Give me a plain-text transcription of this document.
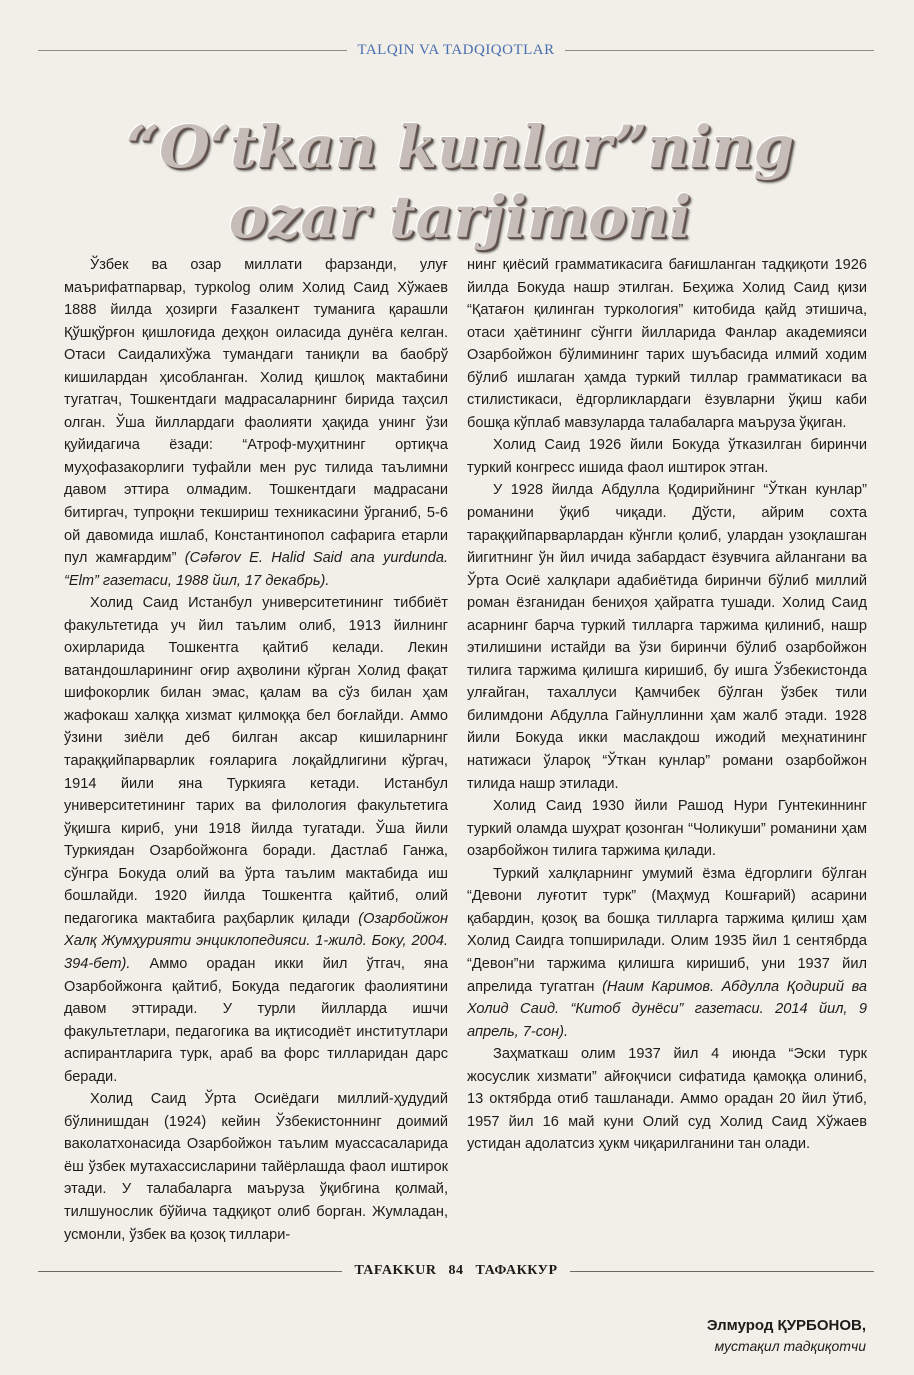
TALQIN VA TADQIQOTLAR
“O‘tkan kunlar”ning
ozar tarjimoni

Ўзбек ва озар миллати фарзанди, улуғ маърифатпарвар, туркolog олим Холид Саид Хўжаев 1888 йилда ҳозирги Ғазалкент туманига қарашли Қўшқўрғон қишлоғида деҳқон оиласида дунёга келган. Отаси Саидалихўжа тумандаги таниқли ва баобрў кишилардан ҳисобланган. Холид қишлоқ мактабини тугатгач, Тошкентдаги мадрасаларнинг бирида таҳсил олган. Ўша йиллардаги фаолияти ҳақида унинг ўзи қуйидагича ёзади: “Атроф-муҳитнинг ортиқча муҳофазакорлиги туфайли мен рус тилида таълимни давом эттира олмадим. Тошкентдаги мадрасани битиргач, тупроқни текшириш техникасини ўрганиб, 5-6 ой давомида ишлаб, Константинопол сафарига етарли пул жамғардим” (Cəfərov E. Halid Said ana yurdunda. “Elm” газетаси, 1988 йил, 17 декабрь).

Холид Саид Истанбул университетининг тиббиёт факультетида уч йил таълим олиб, 1913 йилнинг охирларида Тошкентга қайтиб келади. Лекин ватандошларининг оғир аҳволини кўрган Холид фақат шифокорлик билан эмас, қалам ва сўз билан ҳам жафокаш халққа хизмат қилмоққа бел боғлайди. Аммо ўзини зиёли деб билган аксар кишиларнинг тараққийпарварлик ғояларига лоқайдлигини кўргач, 1914 йили яна Туркияга кетади. Истанбул университетининг тарих ва филология факультетига ўқишга кириб, уни 1918 йилда тугатади. Ўша йили Туркиядан Озарбойжонга боради. Дастлаб Ганжа, сўнгра Бокуда олий ва ўрта таълим мактабида иш бошлайди. 1920 йилда Тошкентга қайтиб, олий педагогика мактабига раҳбарлик қилади (Озарбойжон Халқ Жумҳурияти энциклопедияси. 1-жилд. Боку, 2004. 394-бет). Аммо орадан икки йил ўтгач, яна Озарбойжонга қайтиб, Бокуда педагогик фаолиятини давом эттиради. У турли йилларда ишчи факультетлари, педагогика ва иқтисодиёт институтлари аспирантларига турк, араб ва форс тилларидан дарс беради.

Холид Саид Ўрта Осиёдаги миллий-ҳудудий бўлинишдан (1924) кейин Ўзбекистоннинг доимий ваколатхонасида Озарбойжон таълим муассасаларида ёш ўзбек мутахассисларини тайёрлашда фаол иштирок этади. У талабаларга маъруза ўқибгина қолмай, тилшунослик бўйича тадқиқот олиб борган. Жумладан, усмонли, ўзбек ва қозоқ тиллари-

нинг қиёсий грамматикасига бағишланган тадқиқоти 1926 йилда Бокуда нашр этилган. Беҳижа Холид Саид қизи “Қатағон қилинган туркология” китобида қайд этишича, отаси ҳаётининг сўнгги йилларида Фанлар академияси Озарбойжон бўлимининг тарих шуъбасида илмий ходим бўлиб ишлаган ҳамда туркий тиллар грамматикаси ва стилистикаси, ёдгорликлардаги ёзувларни ўқиш каби бошқа кўплаб мавзуларда талабаларга маъруза ўқиган.

Холид Саид 1926 йили Бокуда ўтказилган биринчи туркий конгресс ишида фаол иштирок этган.

У 1928 йилда Абдулла Қодирийнинг “Ўткан кунлар” романини ўқиб чиқади. Дўсти, айрим сохта тараққийпарварлардан кўнгли қолиб, улардан узоқлашган йигитнинг ўн йил ичида забардаст ёзувчига айлангани ва Ўрта Осиё халқлари адабиётида биринчи бўлиб миллий роман ёзганидан бениҳоя ҳайратга тушади. Холид Саид асарнинг барча туркий тилларга таржима қилиниб, нашр этилишини истайди ва ўзи биринчи бўлиб озарбойжон тилига таржима қилишга киришиб, бу ишга Ўзбекистонда улғайган, тахаллуси Қамчибек бўлган ўзбек тили билимдони Абдулла Гайнуллинни ҳам жалб этади. 1928 йили Бокуда икки маслакдош ижодий меҳнатининг натижаси ўлароқ “Ўткан кунлар” романи озарбойжон тилида нашр этилади.

Холид Саид 1930 йили Рашод Нури Гунтекиннинг туркий оламда шуҳрат қозонган “Чоликуши” романини ҳам озарбойжон тилига таржима қилади.

Туркий халқларнинг умумий ёзма ёдгорлиги бўлган “Девони луғотит турк” (Маҳмуд Кошғарий) асарини қабардин, қозоқ ва бошқа тилларга таржима қилиш ҳам Холид Саидга топширилади. Олим 1935 йил 1 сентябрда “Девон”ни таржима қилишга киришиб, уни 1937 йил апрелида тугатган (Наим Каримов. Абдулла Қодирий ва Холид Саид. “Китоб дунёси” газетаси. 2014 йил, 9 апрель, 7-сон).

Заҳматкаш олим 1937 йил 4 июнда “Эски турк жосуслик хизмати” айғоқчиси сифатида қамоққа олиниб, 13 октябрда отиб ташланади. Аммо орадан 20 йил ўтиб, 1957 йил 16 май куни Олий суд Холид Саид Хўжаев устидан адолатсиз ҳукм чиқарилганини тан олади.

Элмурод ҚУРБОНОВ,
мустақил тадқиқотчи
TAFAKKUR 84 ТАФАККУР
